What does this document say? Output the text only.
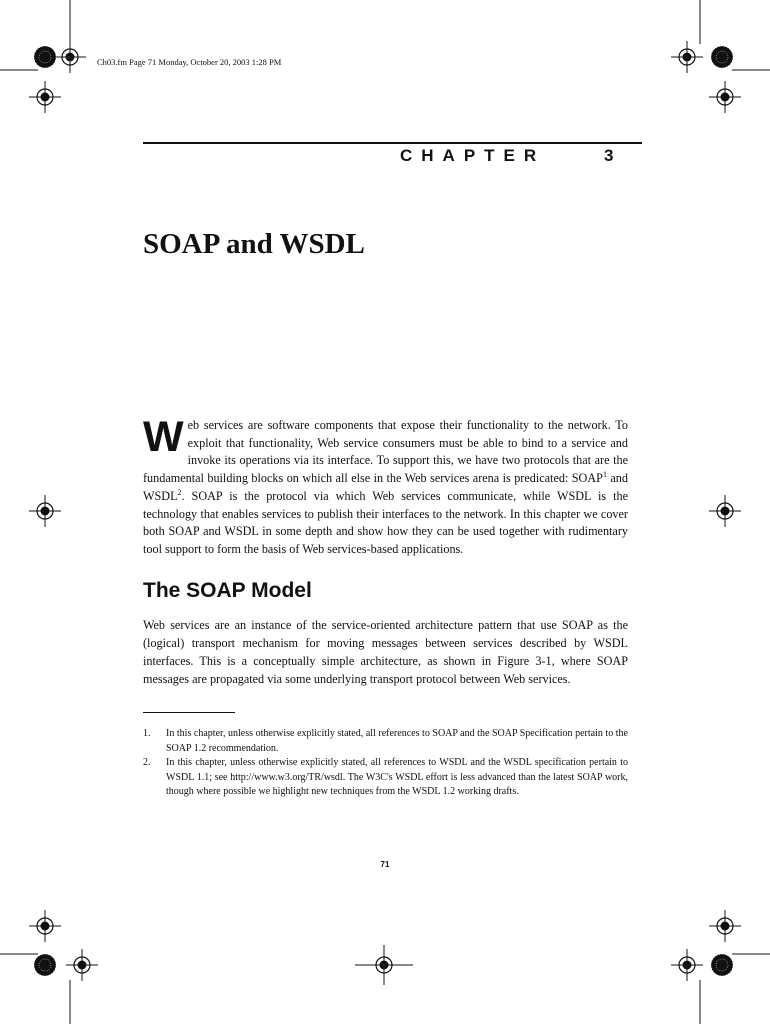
Ch03.fm Page 71 Monday, October 20, 2003 1:28 PM
CHAPTER	3
SOAP and WSDL

Web services are software components that expose their functionality to the network. To exploit that functionality, Web service consumers must be able to bind to a service and invoke its operations via its interface. To support this, we have two protocols that are the fundamental building blocks on which all else in the Web services arena is predicated: SOAP$^1$ and WSDL$^2$. SOAP is the protocol via which Web services communicate, while WSDL is the technology that enables services to publish their interfaces to the network. In this chapter we cover both SOAP and WSDL in some depth and show how they can be used together with rudimentary tool support to form the basis of Web services-based applications.

The SOAP Model

Web services are an instance of the service-oriented architecture pattern that use SOAP as the (logical) transport mechanism for moving messages between services described by WSDL interfaces. This is a conceptually simple architecture, as shown in Figure 3-1, where SOAP messages are propagated via some underlying transport protocol between Web services.

1.	In this chapter, unless otherwise explicitly stated, all references to SOAP and the SOAP Specification pertain to the SOAP 1.2 recommendation.
2.	In this chapter, unless otherwise explicitly stated, all references to WSDL and the WSDL specification pertain to WSDL 1.1; see http://www.w3.org/TR/wsdl. The W3C's WSDL effort is less advanced than the latest SOAP work, though where possible we highlight new techniques from the WSDL 1.2 working drafts.
71
